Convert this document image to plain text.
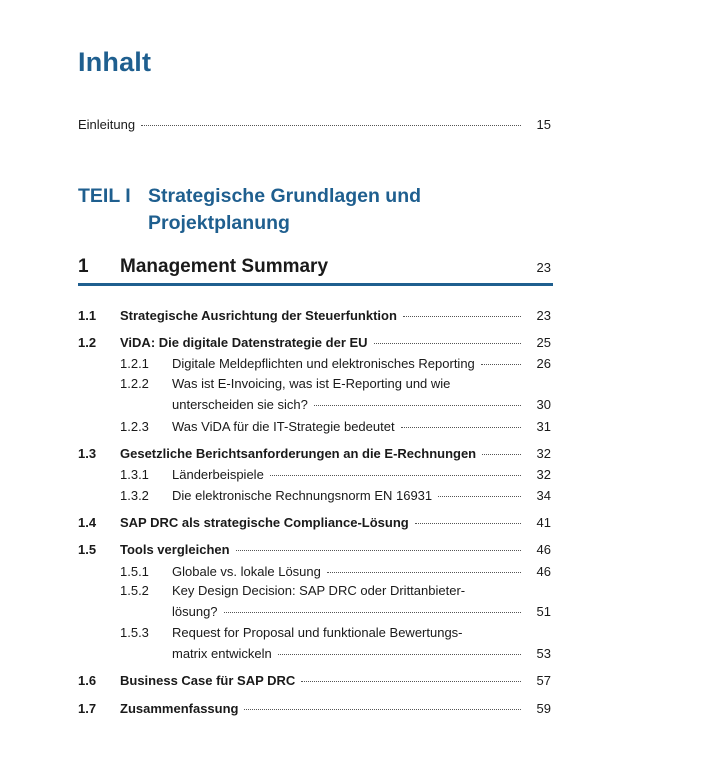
Inhalt
Einleitung	15
TEIL I Strategische Grundlagen und
Projektplanung
1	Management Summary	23
1.1	Strategische Ausrichtung der Steuerfunktion	23
1.2	ViDA: Die digitale Datenstrategie der EU	25
1.2.1	Digitale Meldepflichten und elektronisches Reporting	26
1.2.2	Was ist E-Invoicing, was ist E-Reporting und wie
unterscheiden sie sich?	30
1.2.3	Was ViDA für die IT-Strategie bedeutet	31
1.3	Gesetzliche Berichtsanforderungen an die E-Rechnungen	32
1.3.1	Länderbeispiele	32
1.3.2	Die elektronische Rechnungsnorm EN 16931	34
1.4	SAP DRC als strategische Compliance-Lösung	41
1.5	Tools vergleichen	46
1.5.1	Globale vs. lokale Lösung	46
1.5.2	Key Design Decision: SAP DRC oder Drittanbieter-
lösung?	51
1.5.3	Request for Proposal und funktionale Bewertungs-
matrix entwickeln	53
1.6	Business Case für SAP DRC	57
1.7	Zusammenfassung	59
